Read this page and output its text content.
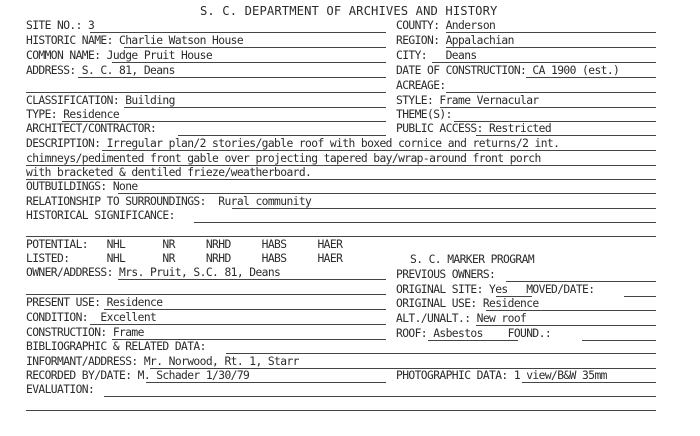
S. C. DEPARTMENT OF ARCHIVES AND HISTORY
SITE NO.: 3	COUNTY: Anderson
HISTORIC NAME: Charlie Watson House	REGION: Appalachian
COMMON NAME: Judge Pruit House	CITY:   Deans
ADDRESS: S. C. 81, Deans	DATE OF CONSTRUCTION: CA 1900 (est.)
ACREAGE:
CLASSIFICATION: Building	STYLE: Frame Vernacular
TYPE: Residence	THEME(S):
ARCHITECT/CONTRACTOR:	PUBLIC ACCESS: Restricted
DESCRIPTION: Irregular plan/2 stories/gable roof with boxed cornice and returns/2 int.
chimneys/pedimented front gable over projecting tapered bay/wrap-around front porch
with bracketed & dentiled frieze/weatherboard.
OUTBUILDINGS: None
RELATIONSHIP TO SURROUNDINGS:  Rural community
HISTORICAL SIGNIFICANCE:
POTENTIAL:   NHL      NR     NRHD     HABS     HAER
LISTED:      NHL      NR     NRHD     HABS     HAER	S. C. MARKER PROGRAM
OWNER/ADDRESS: Mrs. Pruit, S.C. 81, Deans	PREVIOUS OWNERS:
ORIGINAL SITE: Yes   MOVED/DATE:
PRESENT USE: Residence	ORIGINAL USE: Residence
CONDITION:  Excellent	ALT./UNALT.: New roof
CONSTRUCTION: Frame	ROOF: Asbestos    FOUND.:
BIBLIOGRAPHIC & RELATED DATA:
INFORMANT/ADDRESS: Mr. Norwood, Rt. 1, Starr
RECORDED BY/DATE: M. Schader 1/30/79	PHOTOGRAPHIC DATA: 1 view/B&W 35mm
EVALUATION:
